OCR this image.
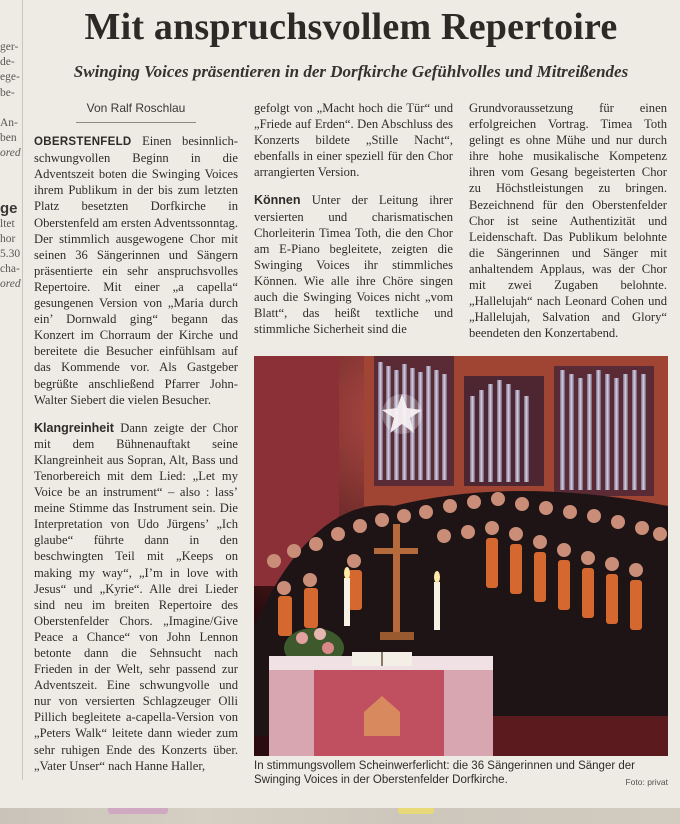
ger-
de-
ege-
be-
An-
ben
ored
ge
ltet
hor
5.30
cha-
ored
Mit anspruchsvollem Repertoire
Swinging Voices präsentieren in der Dorfkirche Gefühlvolles und Mitreißendes
Von Ralf Roschlau

OBERSTENFELD Einen besinnlich-schwungvollen Beginn in die Adventszeit boten die Swinging Voices ihrem Publikum in der bis zum letzten Platz besetzten Dorfkirche in Oberstenfeld am ersten Adventssonntag. Der stimmlich ausgewogene Chor mit seinen 36 Sängerinnen und Sängern präsentierte ein sehr anspruchsvolles Repertoire. Mit einer „a capella“ gesungenen Version von „Maria durch ein’ Dornwald ging“ begann das Konzert im Chorraum der Kirche und bereitete die Besucher einfühlsam auf das Kommende vor. Als Gastgeber begrüßte anschließend Pfarrer John-Walter Siebert die vielen Besucher.

Klangreinheit Dann zeigte der Chor mit dem Bühnenauftakt seine Klangreinheit aus Sopran, Alt, Bass und Tenorbereich mit dem Lied: „Let my Voice be an instrument“ – also : lass’ meine Stimme das Instrument sein. Die Interpretation von Udo Jürgens’ „Ich glaube“ führte dann in den beschwingten Teil mit „Keeps on making my way“, „I’m in love with Jesus“ und „Kyrie“. Alle drei Lieder sind neu im breiten Repertoire des Oberstenfelder Chors. „Imagine/Give Peace a Chance“ von John Lennon betonte dann die Sehnsucht nach Frieden in der Welt, sehr passend zur Adventszeit. Eine schwungvolle und nur von versierten Schlagzeuger Olli Pillich begleitete a-capella-Version von „Peters Walk“ leitete dann wieder zum sehr ruhigen Ende des Konzerts über. „Vater Unser“ nach Hanne Haller,

gefolgt von „Macht hoch die Tür“ und „Friede auf Erden“. Den Abschluss des Konzerts bildete „Stille Nacht“, ebenfalls in einer speziell für den Chor arrangierten Version.

Können Unter der Leitung ihrer versierten und charismatischen Chorleiterin Timea Toth, die den Chor am E-Piano begleitete, zeigten die Swinging Voices ihr stimmliches Können. Wie alle ihre Chöre singen auch die Swinging Voices nicht „vom Blatt“, das heißt textliche und stimmliche Sicherheit sind die

Grundvoraussetzung für einen erfolgreichen Vortrag. Timea Toth gelingt es ohne Mühe und nur durch ihre hohe musikalische Kompetenz ihren vom Gesang begeisterten Chor zu Höchstleistungen zu bringen. Bezeichnend für den Oberstenfelder Chor ist seine Authentizität und Leidenschaft. Das Publikum belohnte die Sängerinnen und Sänger mit anhaltendem Applaus, was der Chor mit zwei Zugaben belohnte. „Hallelujah“ nach Leonard Cohen und „Hallelujah, Salvation and Glory“ beendeten den Konzertabend.

In stimmungsvollem Scheinwerferlicht: die 36 Sängerinnen und Sänger der Swinging Voices in der Oberstenfelder Dorfkirche.	Foto: privat
